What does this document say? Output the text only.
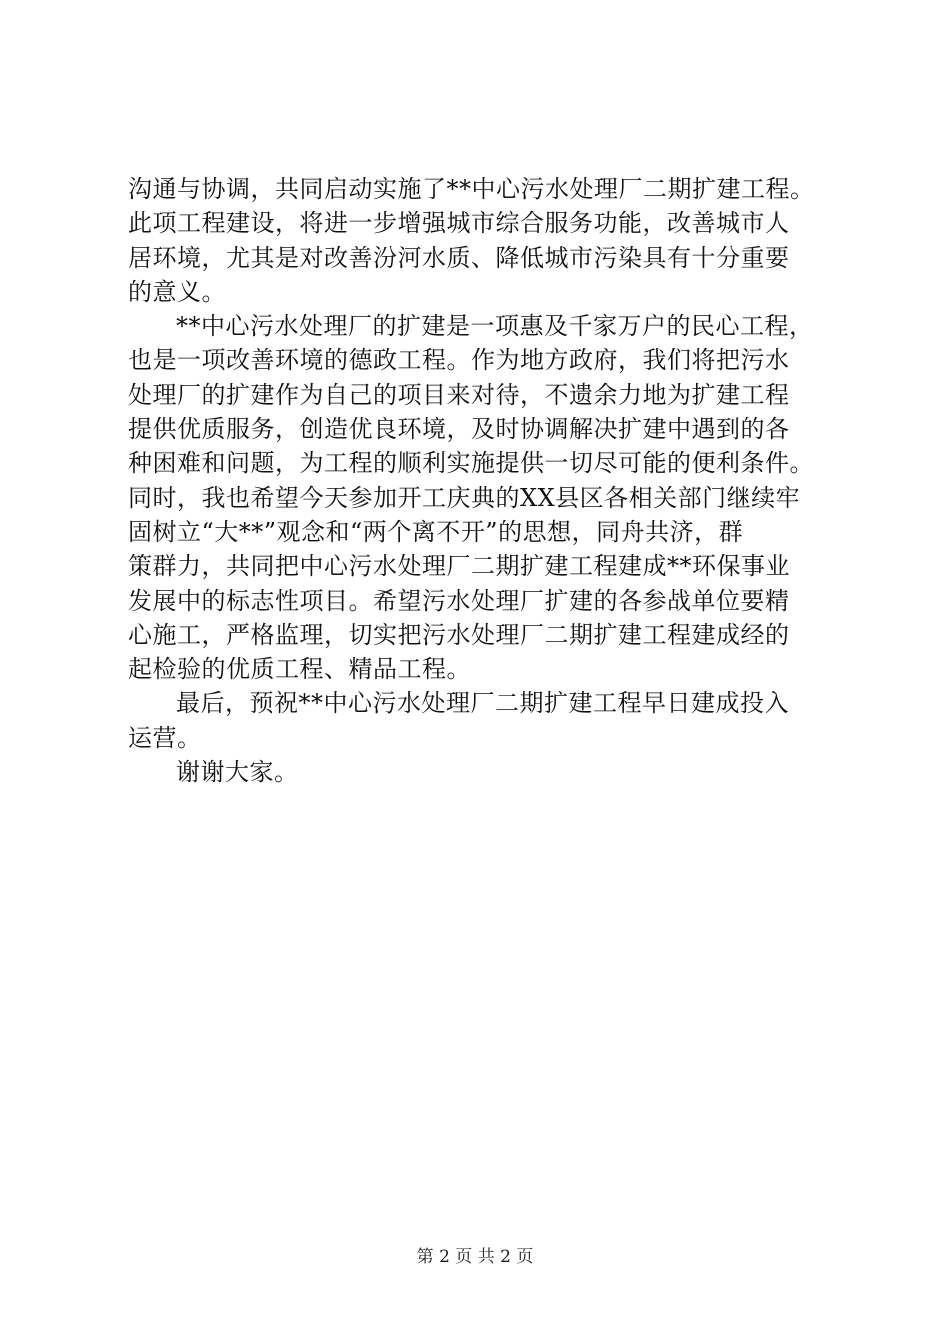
沟通与协调，共同启动实施了**中心污水处理厂二期扩建工程。
此项工程建设，将进一步增强城市综合服务功能，改善城市人
居环境，尤其是对改善汾河水质、降低城市污染具有十分重要
的意义。
**中心污水处理厂的扩建是一项惠及千家万户的民心工程，
也是一项改善环境的德政工程。作为地方政府，我们将把污水
处理厂的扩建作为自己的项目来对待，不遗余力地为扩建工程
提供优质服务，创造优良环境，及时协调解决扩建中遇到的各
种困难和问题，为工程的顺利实施提供一切尽可能的便利条件。
同时，我也希望今天参加开工庆典的XX县区各相关部门继续牢
固树立“大**”观念和“两个离不开”的思想，同舟共济，群
策群力，共同把中心污水处理厂二期扩建工程建成**环保事业
发展中的标志性项目。希望污水处理厂扩建的各参战单位要精
心施工，严格监理，切实把污水处理厂二期扩建工程建成经的
起检验的优质工程、精品工程。
最后，预祝**中心污水处理厂二期扩建工程早日建成投入
运营。
谢谢大家。
第 2 页 共 2 页
